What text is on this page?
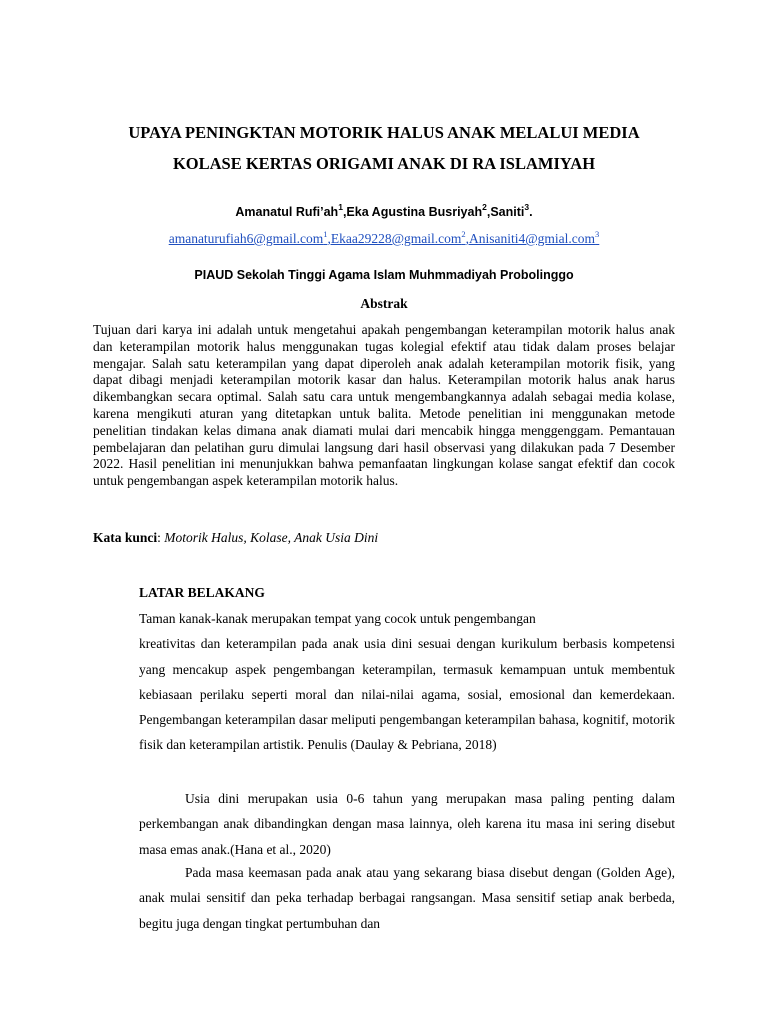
UPAYA PENINGKTAN MOTORIK HALUS ANAK MELALUI MEDIA
KOLASE KERTAS ORIGAMI ANAK DI RA ISLAMIYAH
Amanatul $Rufi’ah^1,Eka$ Agustina Busriyah$^2$,Saniti$^3$.
amanaturufiah6@gmail.com$^1$,Ekaa29228@gmail.com$^2$,Anisaniti4@gmial.com$^3$
PIAUD Sekolah Tinggi Agama Islam Muhmmadiyah Probolinggo
Abstrak
Tujuan dari karya ini adalah untuk mengetahui apakah pengembangan keterampilan motorik halus anak dan keterampilan motorik halus menggunakan tugas kolegial efektif atau tidak dalam proses belajar mengajar. Salah satu keterampilan yang dapat diperoleh anak adalah keterampilan motorik fisik, yang dapat dibagi menjadi keterampilan motorik kasar dan halus. Keterampilan motorik halus anak harus dikembangkan secara optimal. Salah satu cara untuk mengembangkannya adalah sebagai media kolase, karena mengikuti aturan yang ditetapkan untuk balita. Metode penelitian ini menggunakan metode penelitian tindakan kelas dimana anak diamati mulai dari mencabik hingga menggenggam. Pemantauan pembelajaran dan pelatihan guru dimulai langsung dari hasil observasi yang dilakukan pada 7 Desember 2022. Hasil penelitian ini menunjukkan bahwa pemanfaatan lingkungan kolase sangat efektif dan cocok untuk pengembangan aspek keterampilan motorik halus.
Kata kunci: Motorik Halus, Kolase, Anak Usia Dini
LATAR BELAKANG

Taman kanak-kanak merupakan tempat yang cocok untuk pengembangan

kreativitas dan keterampilan pada anak usia dini sesuai dengan kurikulum berbasis kompetensi yang mencakup aspek pengembangan keterampilan, termasuk kemampuan untuk membentuk kebiasaan perilaku seperti moral dan nilai-nilai agama, sosial, emosional dan kemerdekaan. Pengembangan keterampilan dasar meliputi pengembangan keterampilan bahasa, kognitif, motorik fisik dan keterampilan artistik. Penulis (Daulay & Pebriana, 2018)

Usia dini merupakan usia 0-6 tahun yang merupakan masa paling penting dalam perkembangan anak dibandingkan dengan masa lainnya, oleh karena itu masa ini sering disebut masa emas anak.(Hana et al., 2020)
Pada masa keemasan pada anak atau yang sekarang biasa disebut dengan (Golden Age), anak mulai sensitif dan peka terhadap berbagai rangsangan. Masa sensitif setiap anak berbeda, begitu juga dengan tingkat pertumbuhan dan
